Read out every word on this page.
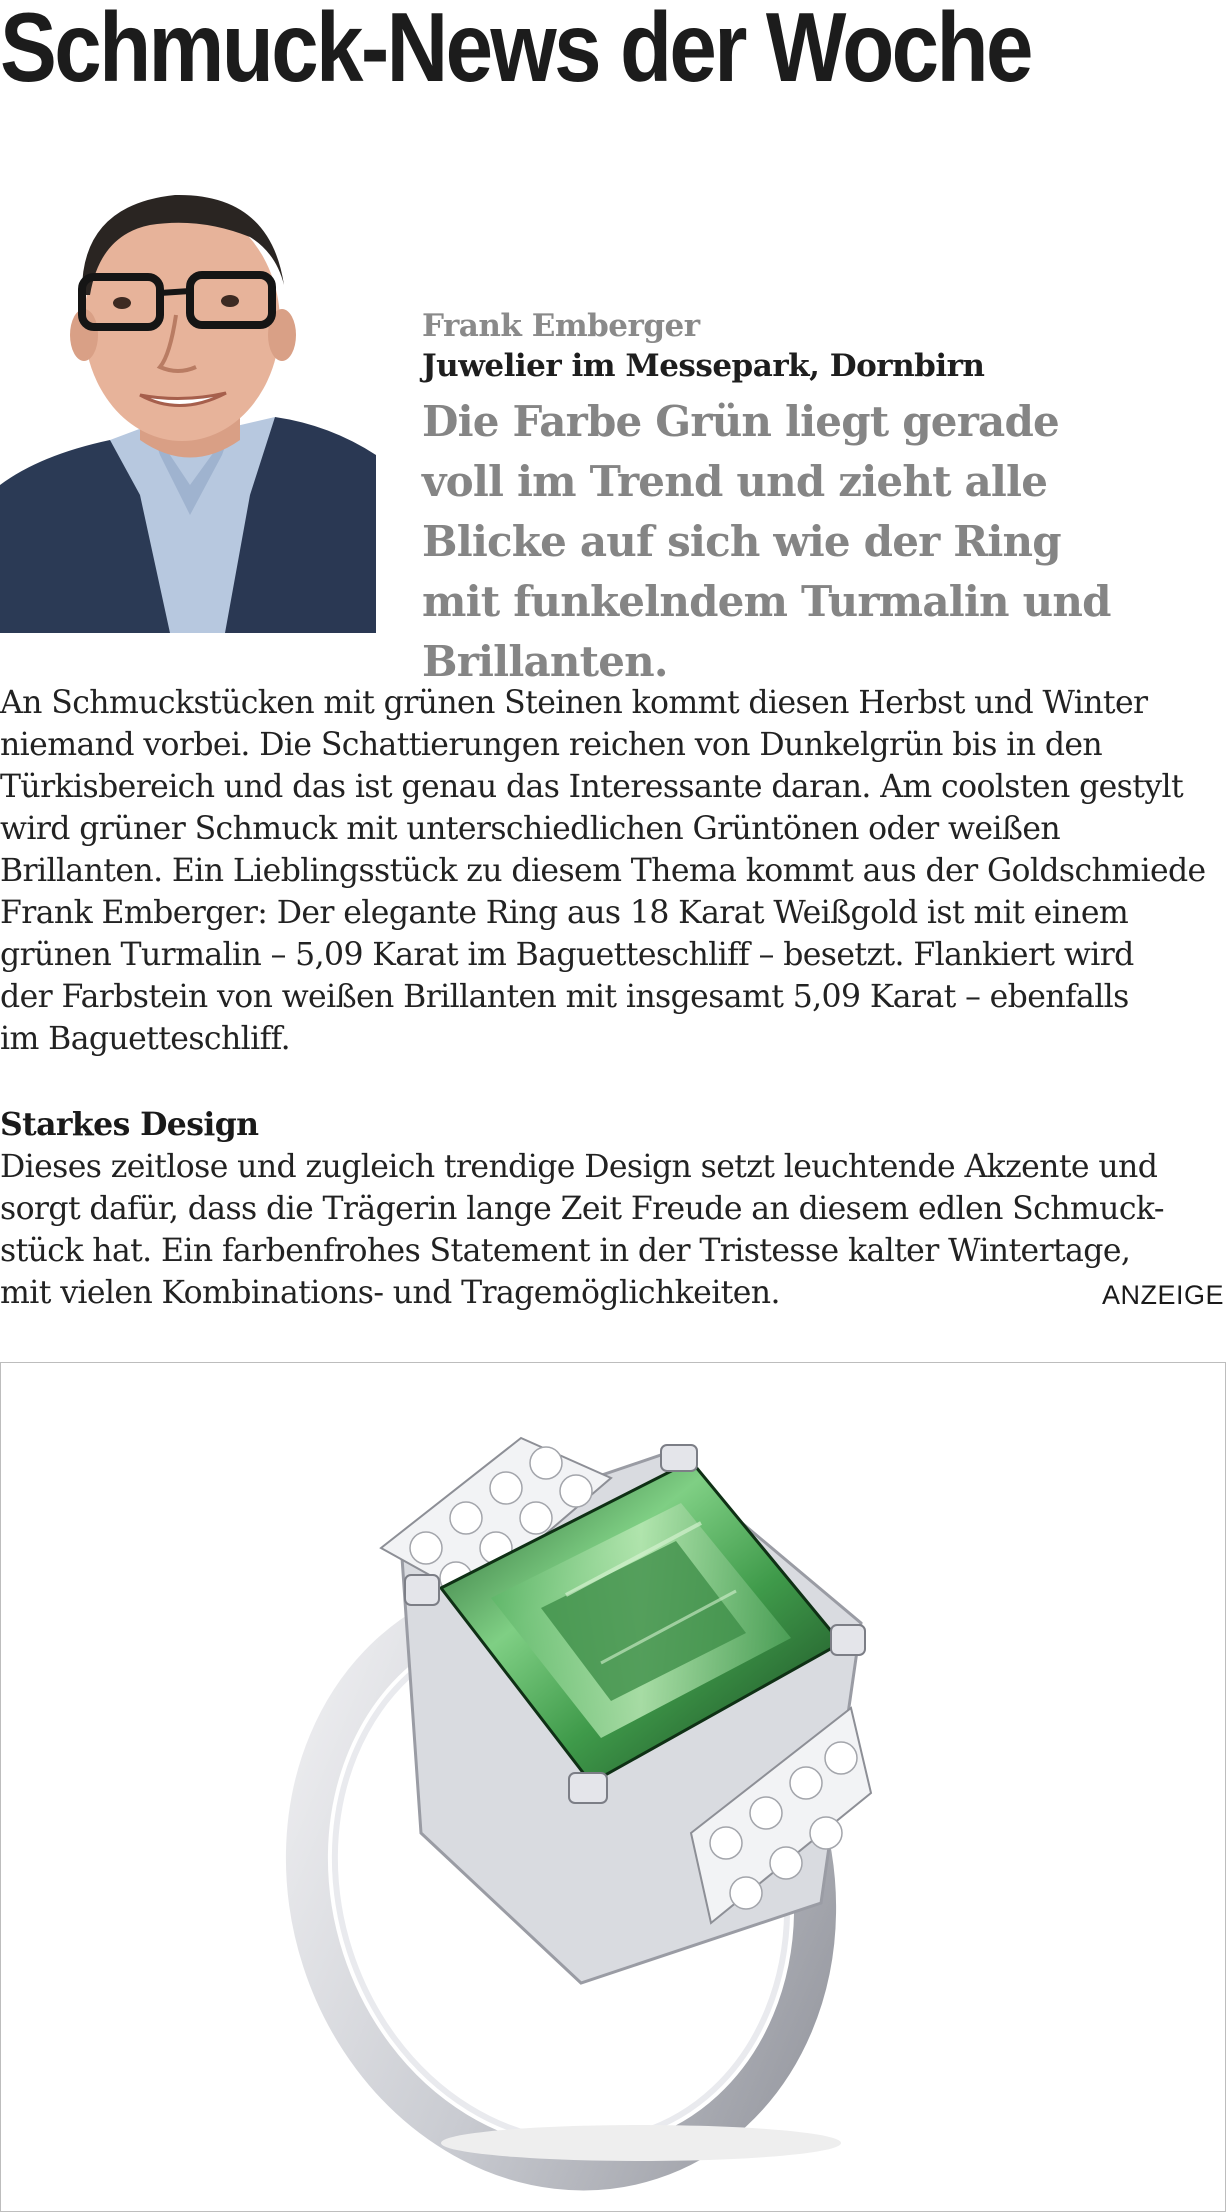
Schmuck-News der Woche
Frank Emberger
Juwelier im Messepark, Dornbirn
Die Farbe Grün liegt gerade voll im Trend und zieht alle Blicke auf sich wie der Ring mit funkelndem Turmalin und Brillanten.
An Schmuckstücken mit grünen Steinen kommt diesen Herbst und Winter
niemand vorbei. Die Schattierungen reichen von Dunkelgrün bis in den
Türkisbereich und das ist genau das Interessante daran. Am coolsten gestylt
wird grüner Schmuck mit unterschiedlichen Grüntönen oder weißen
Brillanten. Ein Lieblingsstück zu diesem Thema kommt aus der Goldschmiede
Frank Emberger: Der elegante Ring aus 18 Karat Weißgold ist mit einem
grünen Turmalin – 5,09 Karat im Baguetteschliff – besetzt. Flankiert wird
der Farbstein von weißen Brillanten mit insgesamt 5,09 Karat – ebenfalls
im Baguetteschliff.
Starkes Design
Dieses zeitlose und zugleich trendige Design setzt leuchtende Akzente und
sorgt dafür, dass die Trägerin lange Zeit Freude an diesem edlen Schmuck-
stück hat. Ein farbenfrohes Statement in der Tristesse kalter Wintertage,
mit vielen Kombinations- und Tragemöglichkeiten.	ANZEIGE
